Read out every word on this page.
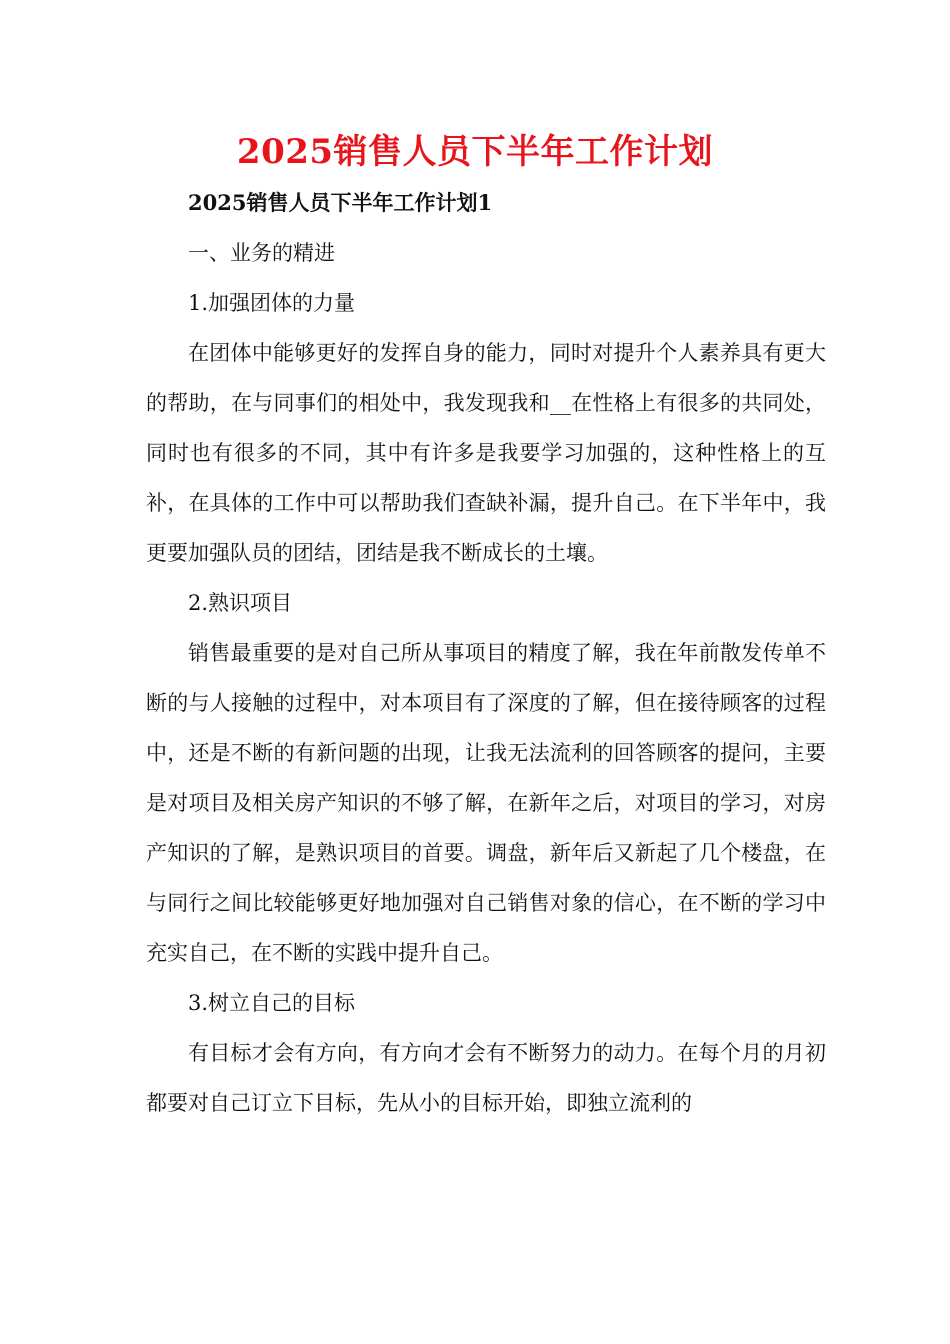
2025销售人员下半年工作计划

2025销售人员下半年工作计划1

一、业务的精进

1.加强团体的力量

在团体中能够更好的发挥自身的能力，同时对提升个人素养具有更大的帮助，在与同事们的相处中，我发现我和__在性格上有很多的共同处，同时也有很多的不同，其中有许多是我要学习加强的，这种性格上的互补，在具体的工作中可以帮助我们查缺补漏，提升自己。在下半年中，我更要加强队员的团结，团结是我不断成长的土壤。

2.熟识项目

销售最重要的是对自己所从事项目的精度了解，我在年前散发传单不断的与人接触的过程中，对本项目有了深度的了解，但在接待顾客的过程中，还是不断的有新问题的出现，让我无法流利的回答顾客的提问，主要是对项目及相关房产知识的不够了解，在新年之后，对项目的学习，对房产知识的了解，是熟识项目的首要。调盘，新年后又新起了几个楼盘，在与同行之间比较能够更好地加强对自己销售对象的信心，在不断的学习中充实自己，在不断的实践中提升自己。

3.树立自己的目标

有目标才会有方向，有方向才会有不断努力的动力。在每个月的月初都要对自己订立下目标，先从小的目标开始，即独立流利的
